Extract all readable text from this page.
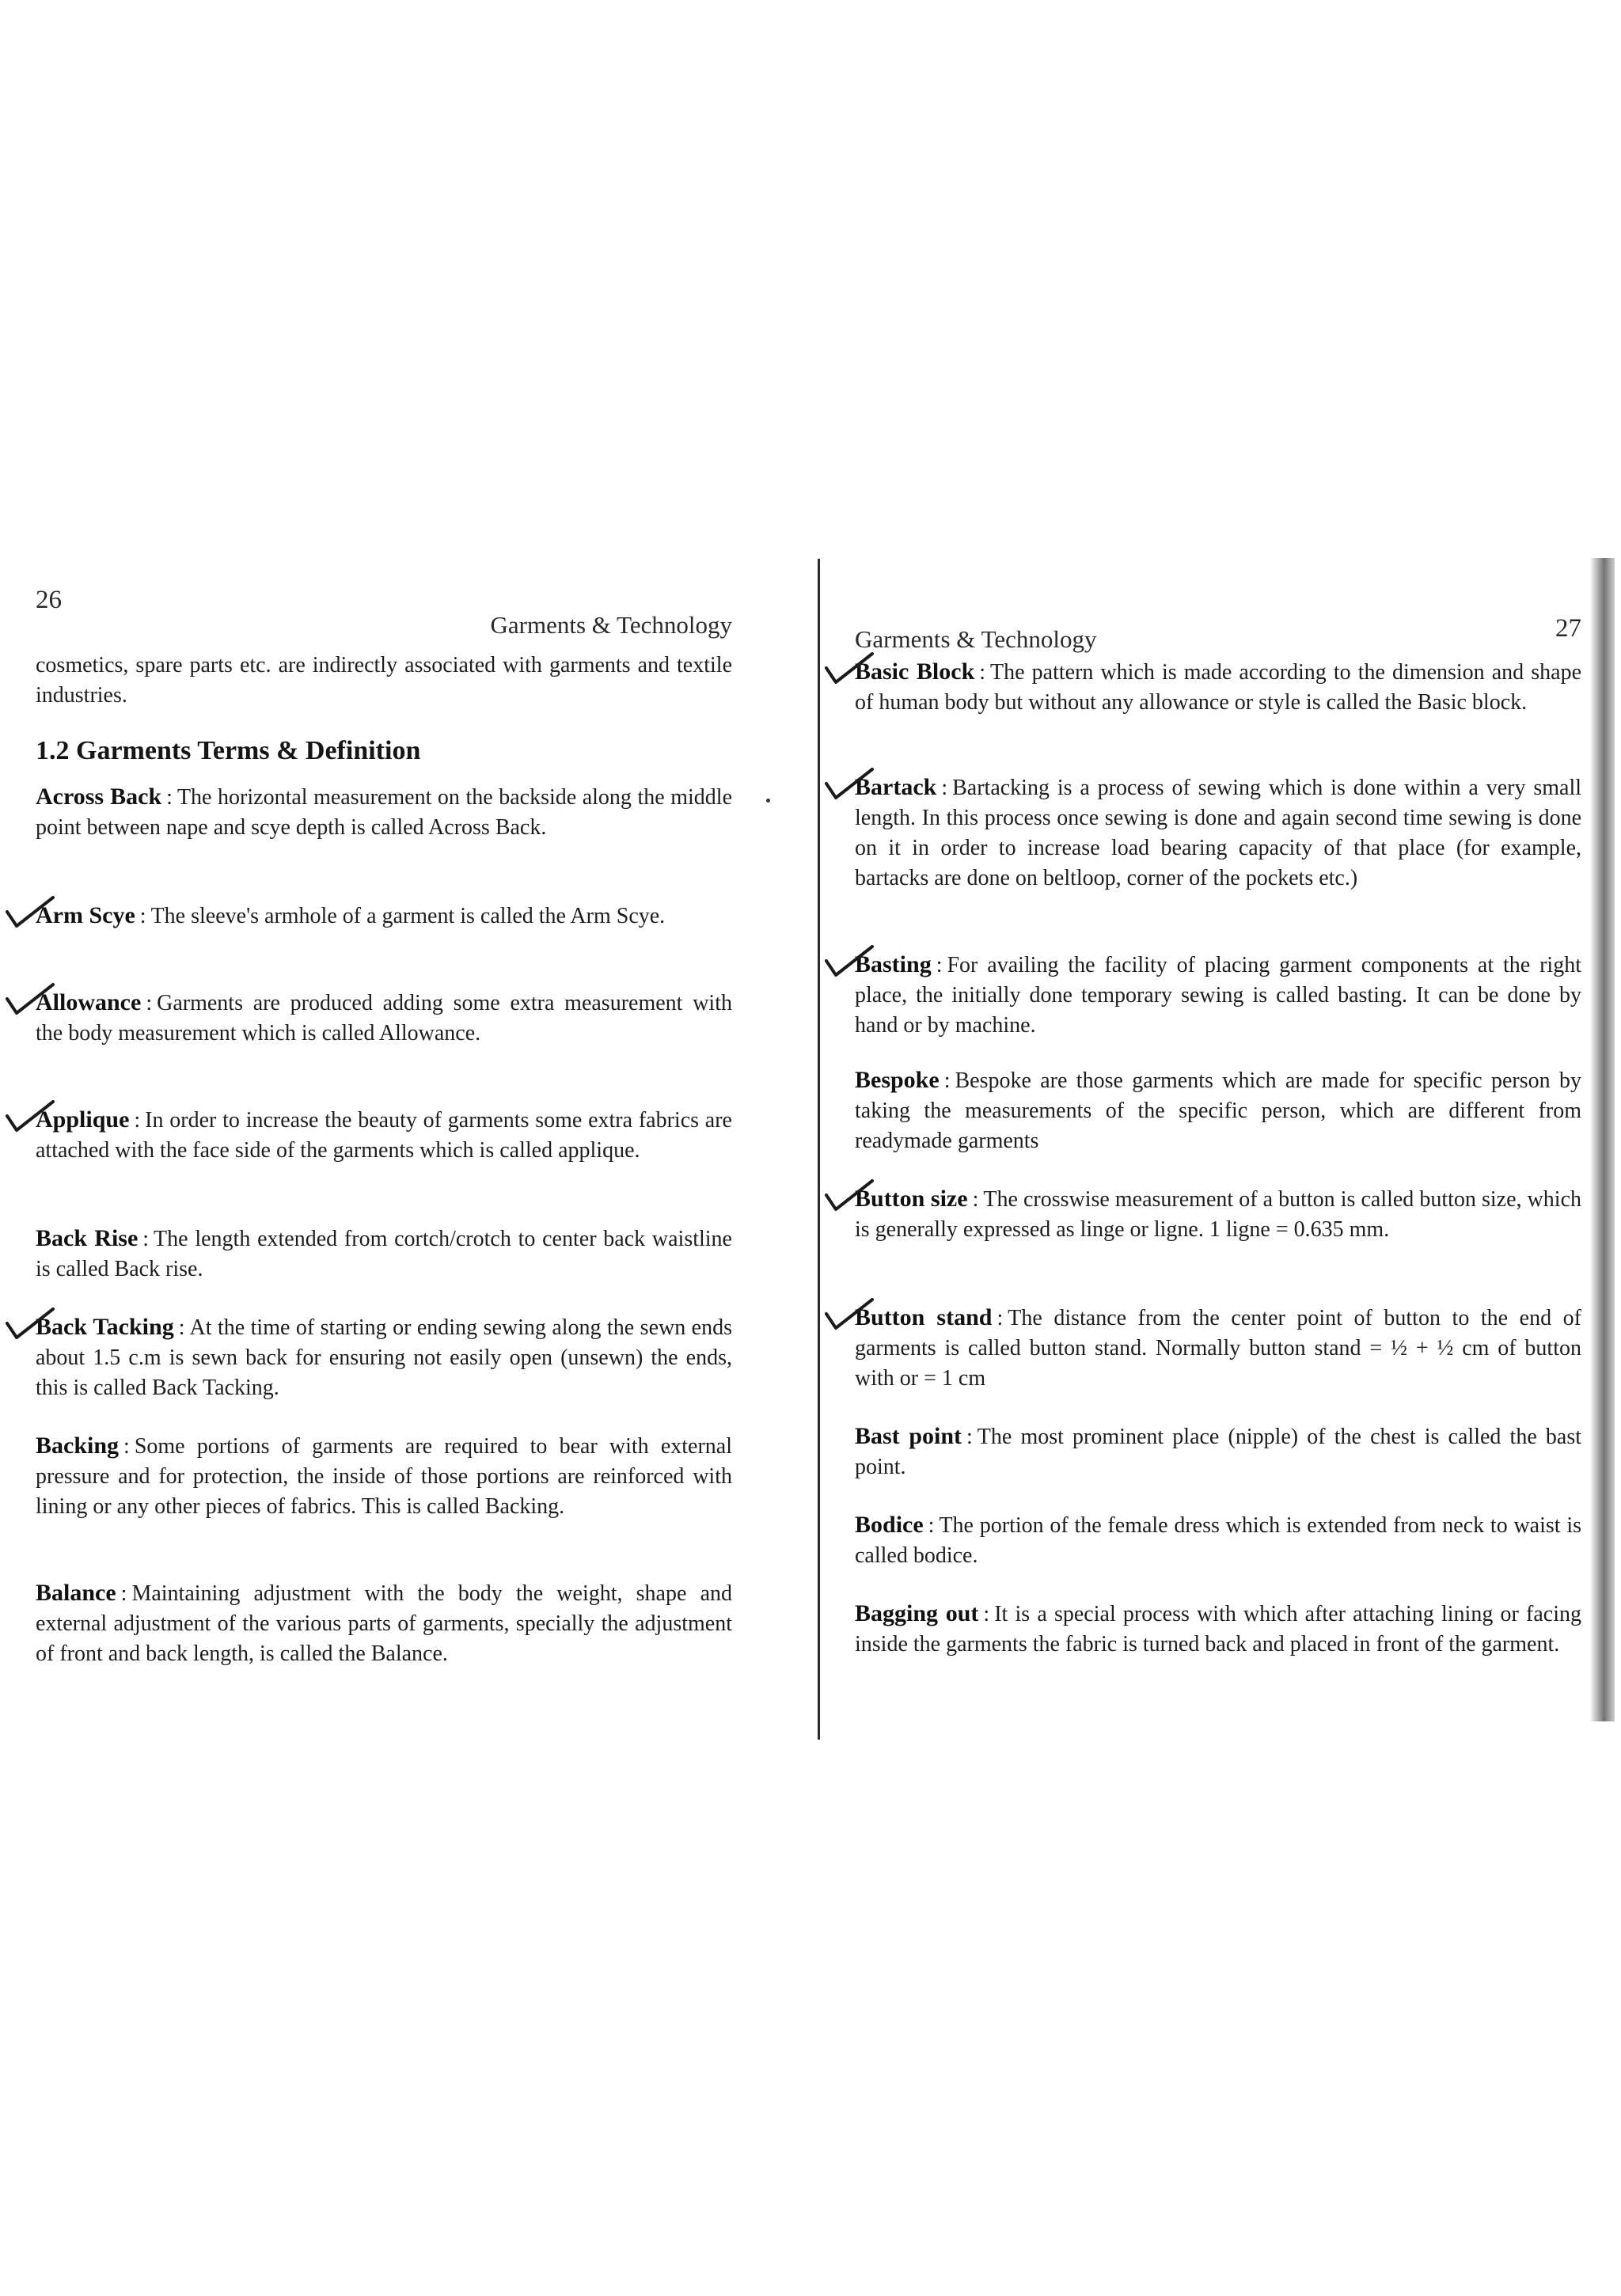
26
Garments & Technology
cosmetics, spare parts etc. are indirectly associated with garments and textile industries.
1.2 Garments Terms & Definition
Across Back : The horizontal measurement on the backside along the middle point between nape and scye depth is called Across Back.
Arm Scye : The sleeve's armhole of a garment is called the Arm Scye.
Allowance : Garments are produced adding some extra measurement with the body measurement which is called Allowance.
Applique : In order to increase the beauty of garments some extra fabrics are attached with the face side of the garments which is called applique.
Back Rise : The length extended from cortch/crotch to center back waistline is called Back rise.
Back Tacking : At the time of starting or ending sewing along the sewn ends about 1.5 c.m is sewn back for ensuring not easily open (unsewn) the ends, this is called Back Tacking.
Backing : Some portions of garments are required to bear with external pressure and for protection, the inside of those portions are reinforced with lining or any other pieces of fabrics. This is called Backing.
Balance : Maintaining adjustment with the body the weight, shape and external adjustment of the various parts of garments, specially the adjustment of front and back length, is called the Balance.
Garments & Technology	27
Basic Block : The pattern which is made according to the dimension and shape of human body but without any allowance or style is called the Basic block.
Bartack : Bartacking is a process of sewing which is done within a very small length. In this process once sewing is done and again second time sewing is done on it in order to increase load bearing capacity of that place (for example, bartacks are done on beltloop, corner of the pockets etc.)
Basting : For availing the facility of placing garment components at the right place, the initially done temporary sewing is called basting. It can be done by hand or by machine.
Bespoke : Bespoke are those garments which are made for specific person by taking the measurements of the specific person, which are different from readymade garments
Button size : The crosswise measurement of a button is called button size, which is generally expressed as linge or ligne. 1 ligne = 0.635 mm.
Button stand : The distance from the center point of button to the end of garments is called button stand. Normally button stand = ½ + ½ cm of button with or = 1 cm
Bast point : The most prominent place (nipple) of the chest is called the bast point.
Bodice : The portion of the female dress which is extended from neck to waist is called bodice.
Bagging out : It is a special process with which after attaching lining or facing inside the garments the fabric is turned back and placed in front of the garment.
